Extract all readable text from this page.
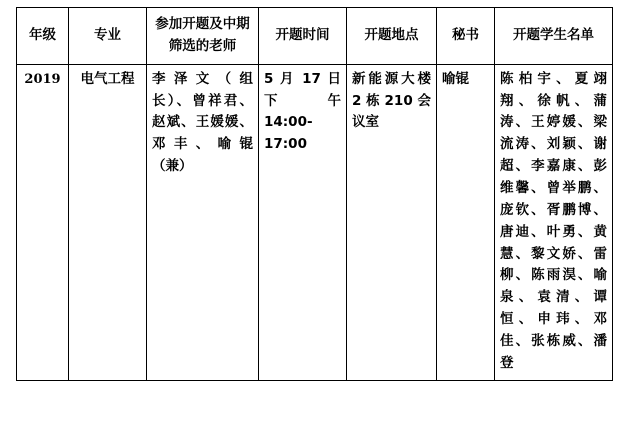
年级	专业	参加开题及中期筛选的老师	开题时间	开题地点	秘书	开题学生名单
2019	电气工程	李泽文（组长）、曾祥君、赵斌、王媛媛、邓丰、喻锟（兼）	5 月 17 日下午 14:00-17:00	新能源大楼 2 栋 210 会议室	喻锟	陈柏宇、夏翊翔、徐帆、蒲涛、王婷媛、梁流涛、刘颖、谢超、李嘉康、彭维馨、曾举鹏、庞钦、胥鹏博、唐迪、叶勇、黄慧、黎文娇、雷柳、陈雨淏、喻泉、袁清、谭恒、申玮、邓佳、张栋威、潘登
